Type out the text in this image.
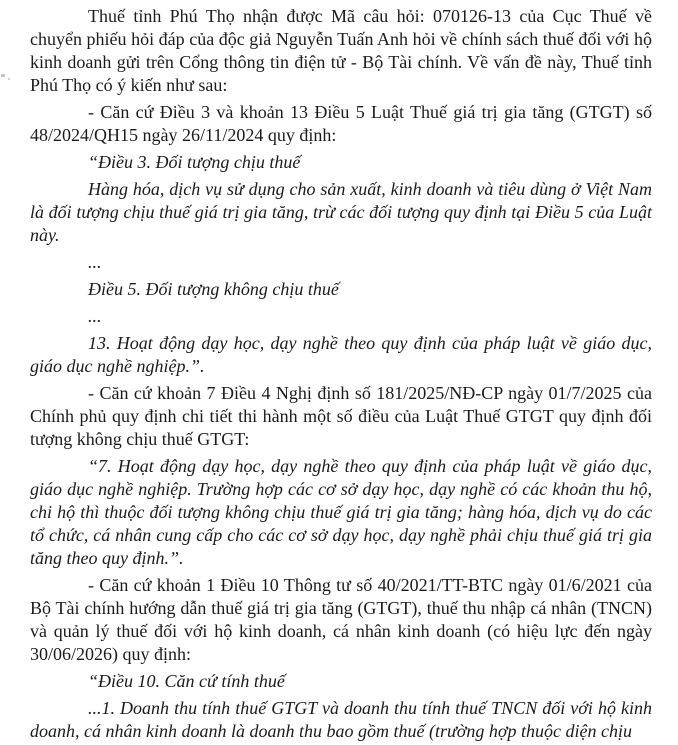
Thuế tỉnh Phú Thọ nhận được Mã câu hỏi: 070126-13 của Cục Thuế về chuyển phiếu hỏi đáp của độc giả Nguyễn Tuấn Anh hỏi về chính sách thuế đối với hộ kinh doanh gửi trên Cổng thông tin điện tử - Bộ Tài chính. Về vấn đề này, Thuế tỉnh Phú Thọ có ý kiến như sau:

- Căn cứ Điều 3 và khoản 13 Điều 5 Luật Thuế giá trị gia tăng (GTGT) số 48/2024/QH15 ngày 26/11/2024 quy định:

“Điều 3. Đối tượng chịu thuế

Hàng hóa, dịch vụ sử dụng cho sản xuất, kinh doanh và tiêu dùng ở Việt Nam là đối tượng chịu thuế giá trị gia tăng, trừ các đối tượng quy định tại Điều 5 của Luật này.

...

Điều 5. Đối tượng không chịu thuế

...

13. Hoạt động dạy học, dạy nghề theo quy định của pháp luật về giáo dục, giáo dục nghề nghiệp.”.

- Căn cứ khoản 7 Điều 4 Nghị định số 181/2025/NĐ-CP ngày 01/7/2025 của Chính phủ quy định chi tiết thi hành một số điều của Luật Thuế GTGT quy định đối tượng không chịu thuế GTGT:

“7. Hoạt động dạy học, dạy nghề theo quy định của pháp luật về giáo dục, giáo dục nghề nghiệp. Trường hợp các cơ sở dạy học, dạy nghề có các khoản thu hộ, chi hộ thì thuộc đối tượng không chịu thuế giá trị gia tăng; hàng hóa, dịch vụ do các tổ chức, cá nhân cung cấp cho các cơ sở dạy học, dạy nghề phải chịu thuế giá trị gia tăng theo quy định.”.

- Căn cứ khoản 1 Điều 10 Thông tư số 40/2021/TT-BTC ngày 01/6/2021 của Bộ Tài chính hướng dẫn thuế giá trị gia tăng (GTGT), thuế thu nhập cá nhân (TNCN) và quản lý thuế đối với hộ kinh doanh, cá nhân kinh doanh (có hiệu lực đến ngày 30/06/2026) quy định:

“Điều 10. Căn cứ tính thuế

...1. Doanh thu tính thuế GTGT và doanh thu tính thuế TNCN đối với hộ kinh doanh, cá nhân kinh doanh là doanh thu bao gồm thuế (trường hợp thuộc diện chịu
